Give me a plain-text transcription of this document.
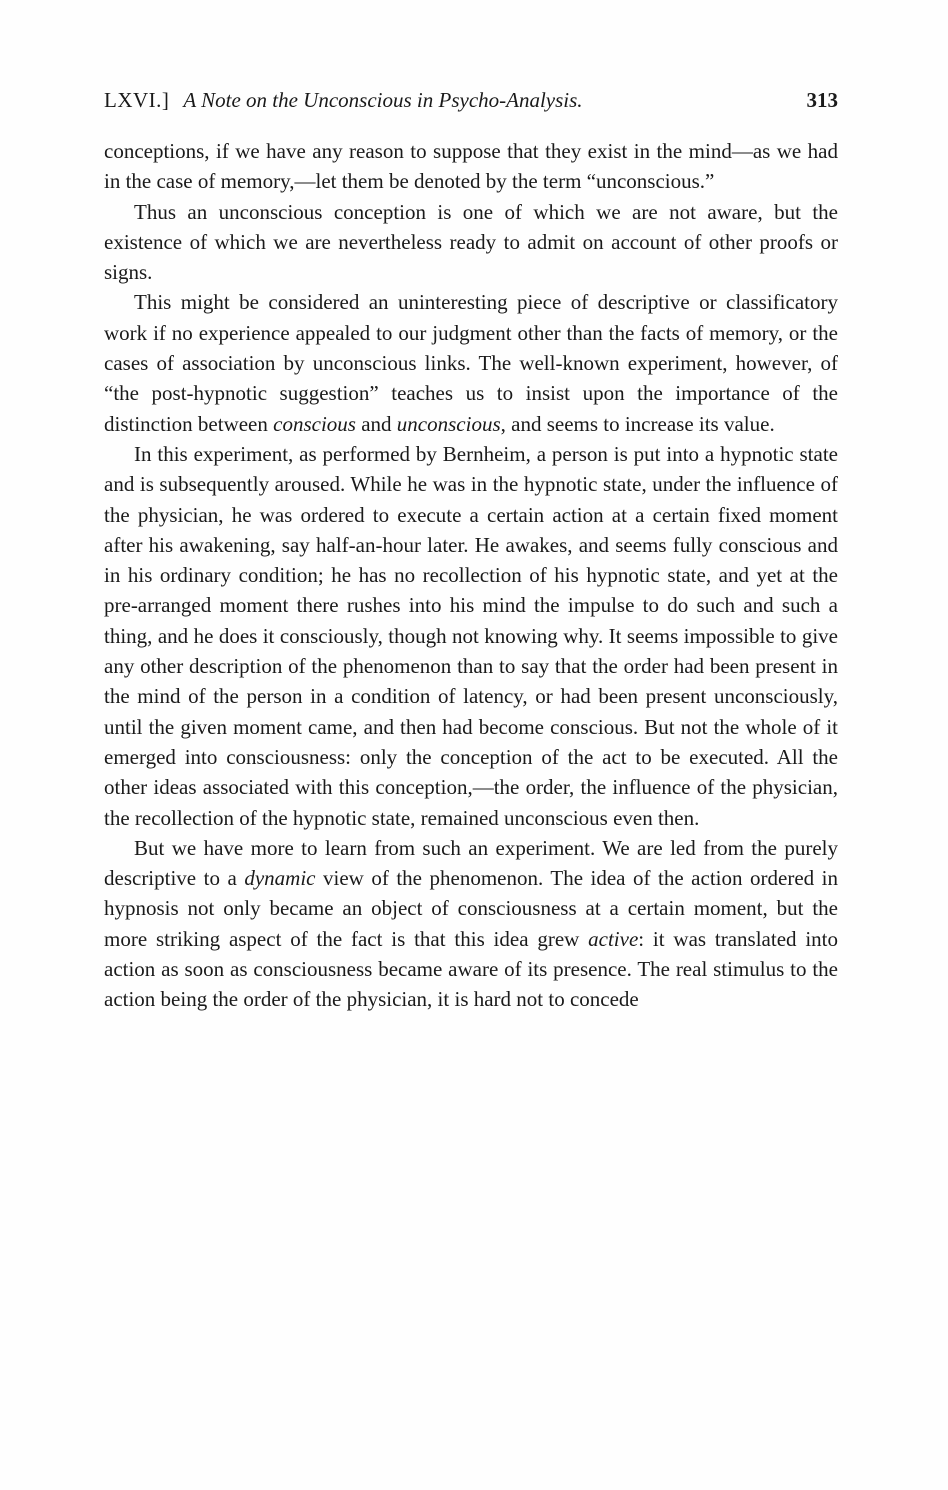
LXVI.] A Note on the Unconscious in Psycho-Analysis.	313

conceptions, if we have any reason to suppose that they exist in the mind—as we had in the case of memory,—let them be denoted by the term “unconscious.”

Thus an unconscious conception is one of which we are not aware, but the existence of which we are nevertheless ready to admit on account of other proofs or signs.

This might be considered an uninteresting piece of descriptive or classificatory work if no experience appealed to our judgment other than the facts of memory, or the cases of association by unconscious links. The well-known experiment, however, of “the post-hypnotic suggestion” teaches us to insist upon the importance of the distinction between conscious and unconscious, and seems to increase its value.

In this experiment, as performed by Bernheim, a person is put into a hypnotic state and is subsequently aroused. While he was in the hypnotic state, under the influence of the physician, he was ordered to execute a certain action at a certain fixed moment after his awakening, say half-an-hour later. He awakes, and seems fully conscious and in his ordinary condition; he has no recollection of his hypnotic state, and yet at the pre-arranged moment there rushes into his mind the impulse to do such and such a thing, and he does it consciously, though not knowing why. It seems impossible to give any other description of the phenomenon than to say that the order had been present in the mind of the person in a condition of latency, or had been present unconsciously, until the given moment came, and then had become conscious. But not the whole of it emerged into consciousness: only the conception of the act to be executed. All the other ideas associated with this conception,—the order, the influence of the physician, the recollection of the hypnotic state, remained unconscious even then.

But we have more to learn from such an experiment. We are led from the purely descriptive to a dynamic view of the phenomenon. The idea of the action ordered in hypnosis not only became an object of consciousness at a certain moment, but the more striking aspect of the fact is that this idea grew active: it was translated into action as soon as consciousness became aware of its presence. The real stimulus to the action being the order of the physician, it is hard not to concede
